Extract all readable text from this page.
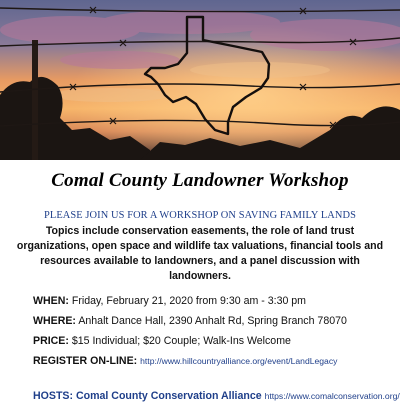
Comal County Landowner Workshop
PLEASE JOIN US FOR A WORKSHOP ON SAVING FAMILY LANDS
Topics include conservation easements, the role of land trust organizations, open space and wildlife tax valuations, financial tools and resources available to landowners, and a panel discussion with landowners.
WHEN: Friday, February 21, 2020 from 9:30 am - 3:30 pm
WHERE: Anhalt Dance Hall, 2390 Anhalt Rd, Spring Branch 78070
PRICE: $15 Individual; $20 Couple; Walk-Ins Welcome
REGISTER ON-LINE: http://www.hillcountryalliance.org/event/LandLegacy
HOSTS: Comal County Conservation Alliance https://www.comalconservation.org/
